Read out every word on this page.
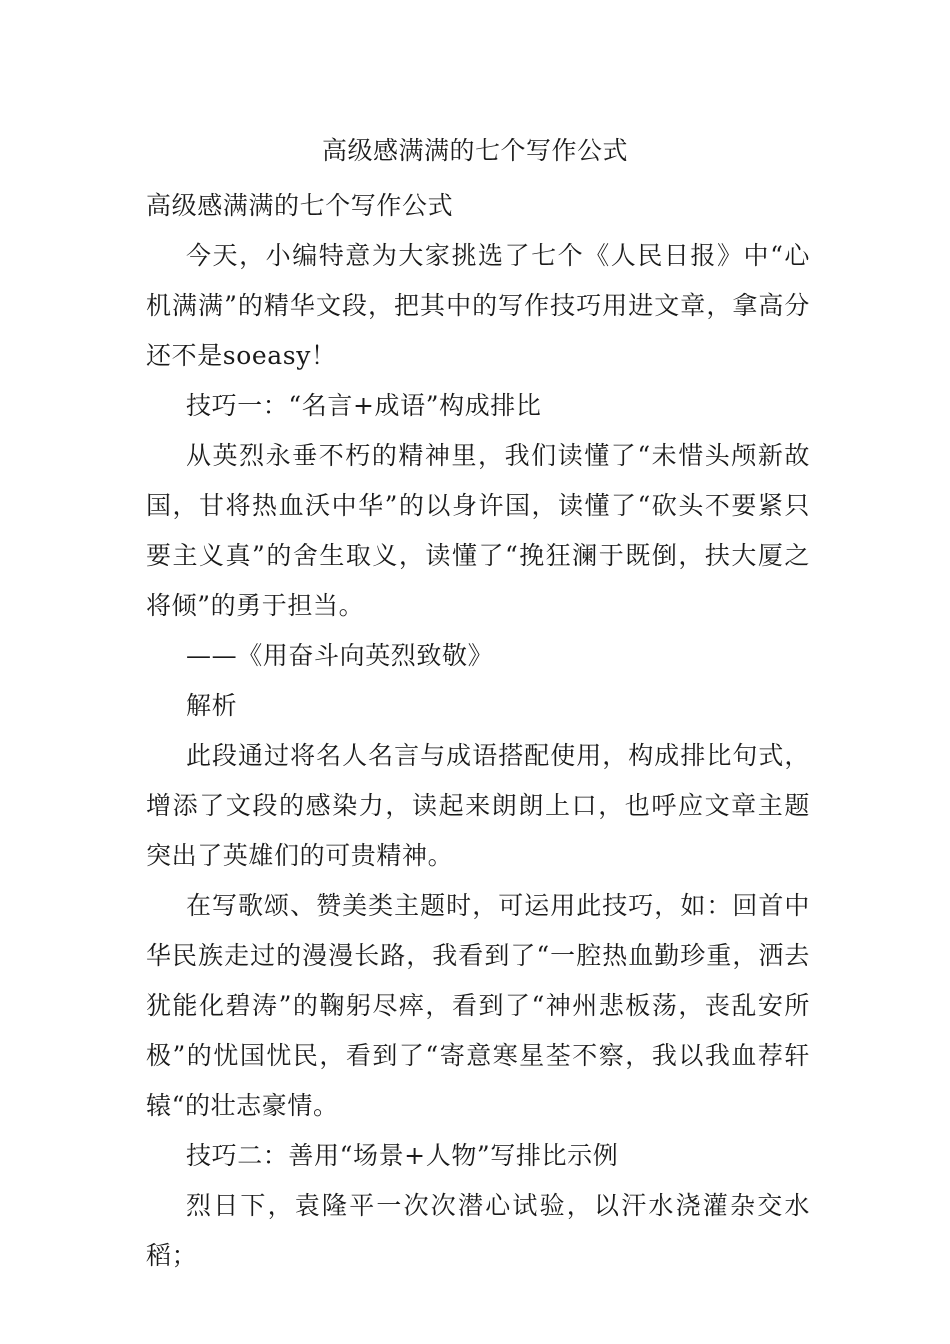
高级感满满的七个写作公式

高级感满满的七个写作公式

今天，小编特意为大家挑选了七个《人民日报》中“心机满满”的精华文段，把其中的写作技巧用进文章，拿高分还不是soeasy！

技巧一：“名言+成语”构成排比

从英烈永垂不朽的精神里，我们读懂了“未惜头颅新故国，甘将热血沃中华”的以身许国，读懂了“砍头不要紧只要主义真”的舍生取义，读懂了“挽狂澜于既倒，扶大厦之将倾”的勇于担当。

——《用奋斗向英烈致敬》

解析

此段通过将名人名言与成语搭配使用，构成排比句式，增添了文段的感染力，读起来朗朗上口，也呼应文章主题突出了英雄们的可贵精神。

在写歌颂、赞美类主题时，可运用此技巧，如：回首中华民族走过的漫漫长路，我看到了“一腔热血勤珍重，洒去犹能化碧涛”的鞠躬尽瘁，看到了“神州悲板荡，丧乱安所极”的忧国忧民，看到了“寄意寒星荃不察，我以我血荐轩辕“的壮志豪情。

技巧二：善用“场景+人物”写排比示例

烈日下，袁隆平一次次潜心试验，以汗水浇灌杂交水稻；
